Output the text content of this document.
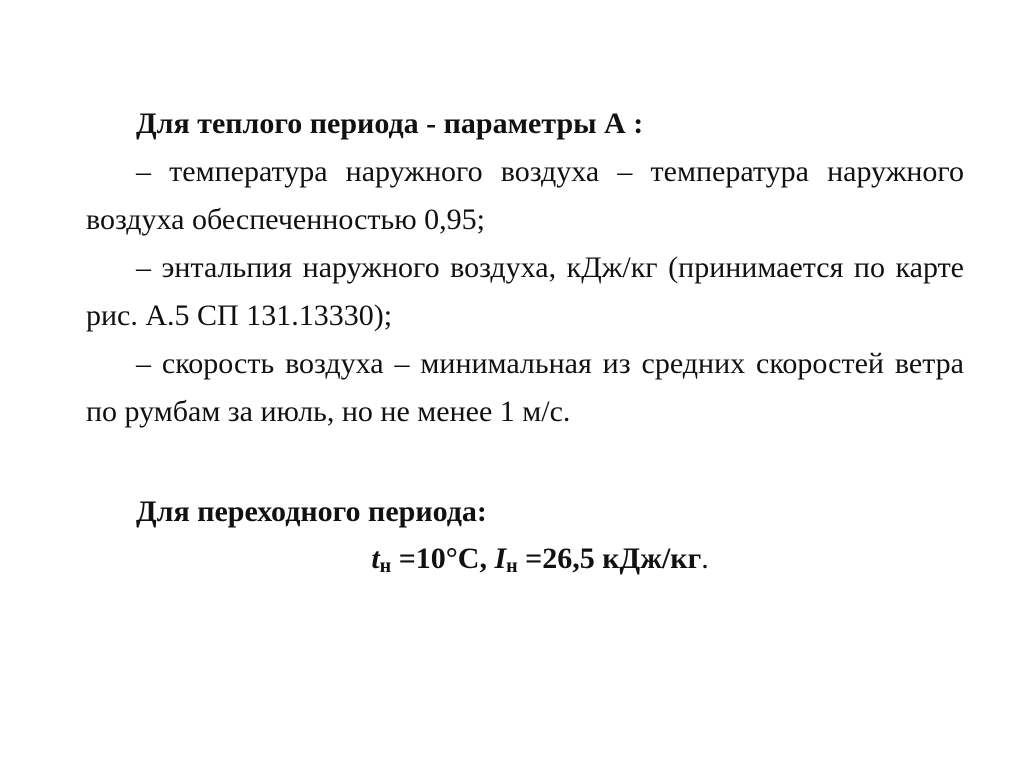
Для теплого периода - параметры А :

– температура наружного воздуха – температура наружного воздуха обеспеченностью 0,95;

– энтальпия наружного воздуха, кДж/кг (принимается по карте рис. А.5 СП 131.13330);

– скорость воздуха – минимальная из средних скоростей ветра по румбам за июль, но не менее 1 м/с.

Для переходного периода:

$t_н =10^\circ С$, $I_н =26,5$ кДж/кг.
